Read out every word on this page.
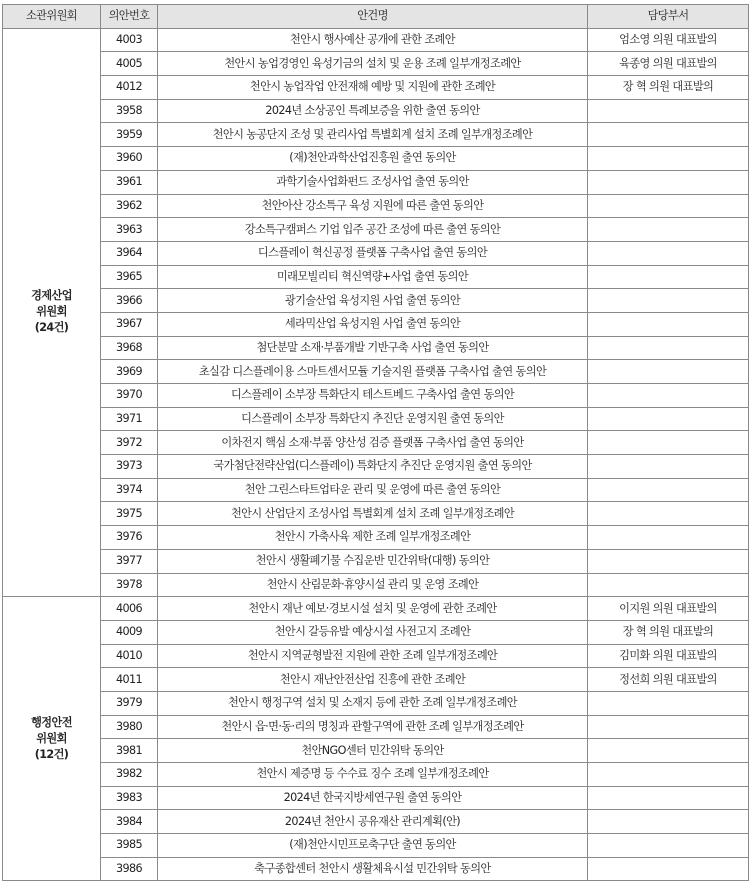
소관위원회	의안번호	안건명	담당부서

경제산업
위원회
(24건)	4003	천안시 행사예산 공개에 관한 조례안	엄소영 의원 대표발의
	4005	천안시 농업경영인 육성기금의 설치 및 운용 조례 일부개정조례안	육종영 의원 대표발의
	4012	천안시 농업작업 안전재해 예방 및 지원에 관한 조례안	장 혁 의원 대표발의
	3958	2024년 소상공인 특례보증을 위한 출연 동의안	
	3959	천안시 농공단지 조성 및 관리사업 특별회계 설치 조례 일부개정조례안	
	3960	(재)천안과학산업진흥원 출연 동의안	
	3961	과학기술사업화펀드 조성사업 출연 동의안	
	3962	천안아산 강소특구 육성 지원에 따른 출연 동의안	
	3963	강소특구캠퍼스 기업 입주 공간 조성에 따른 출연 동의안	
	3964	디스플레이 혁신공정 플랫폼 구축사업 출연 동의안	
	3965	미래모빌리티 혁신역량+사업 출연 동의안	
	3966	광기술산업 육성지원 사업 출연 동의안	
	3967	세라믹산업 육성지원 사업 출연 동의안	
	3968	첨단분말 소재·부품개발 기반구축 사업 출연 동의안	
	3969	초실감 디스플레이용 스마트센서모듈 기술지원 플랫폼 구축사업 출연 동의안	
	3970	디스플레이 소부장 특화단지 테스트베드 구축사업 출연 동의안	
	3971	디스플레이 소부장 특화단지 추진단 운영지원 출연 동의안	
	3972	이차전지 핵심 소재·부품 양산성 검증 플랫폼 구축사업 출연 동의안	
	3973	국가첨단전략산업(디스플레이) 특화단지 추진단 운영지원 출연 동의안	
	3974	천안 그린스타트업타운 관리 및 운영에 따른 출연 동의안	
	3975	천안시 산업단지 조성사업 특별회계 설치 조례 일부개정조례안	
	3976	천안시 가축사육 제한 조례 일부개정조례안	
	3977	천안시 생활폐기물 수집운반 민간위탁(대행) 동의안	
	3978	천안시 산림문화·휴양시설 관리 및 운영 조례안	

행정안전
위원회
(12건)	4006	천안시 재난 예보·경보시설 설치 및 운영에 관한 조례안	이지원 의원 대표발의
	4009	천안시 갈등유발 예상시설 사전고지 조례안	장 혁 의원 대표발의
	4010	천안시 지역균형발전 지원에 관한 조례 일부개정조례안	김미화 의원 대표발의
	4011	천안시 재난안전산업 진흥에 관한 조례안	정선희 의원 대표발의
	3979	천안시 행정구역 설치 및 소재지 등에 관한 조례 일부개정조례안	
	3980	천안시 읍·면·동·리의 명칭과 관할구역에 관한 조례 일부개정조례안	
	3981	천안NGO센터 민간위탁 동의안	
	3982	천안시 제증명 등 수수료 징수 조례 일부개정조례안	
	3983	2024년 한국지방세연구원 출연 동의안	
	3984	2024년 천안시 공유재산 관리계획(안)	
	3985	(재)천안시민프로축구단 출연 동의안	
	3986	축구종합센터 천안시 생활체육시설 민간위탁 동의안	
